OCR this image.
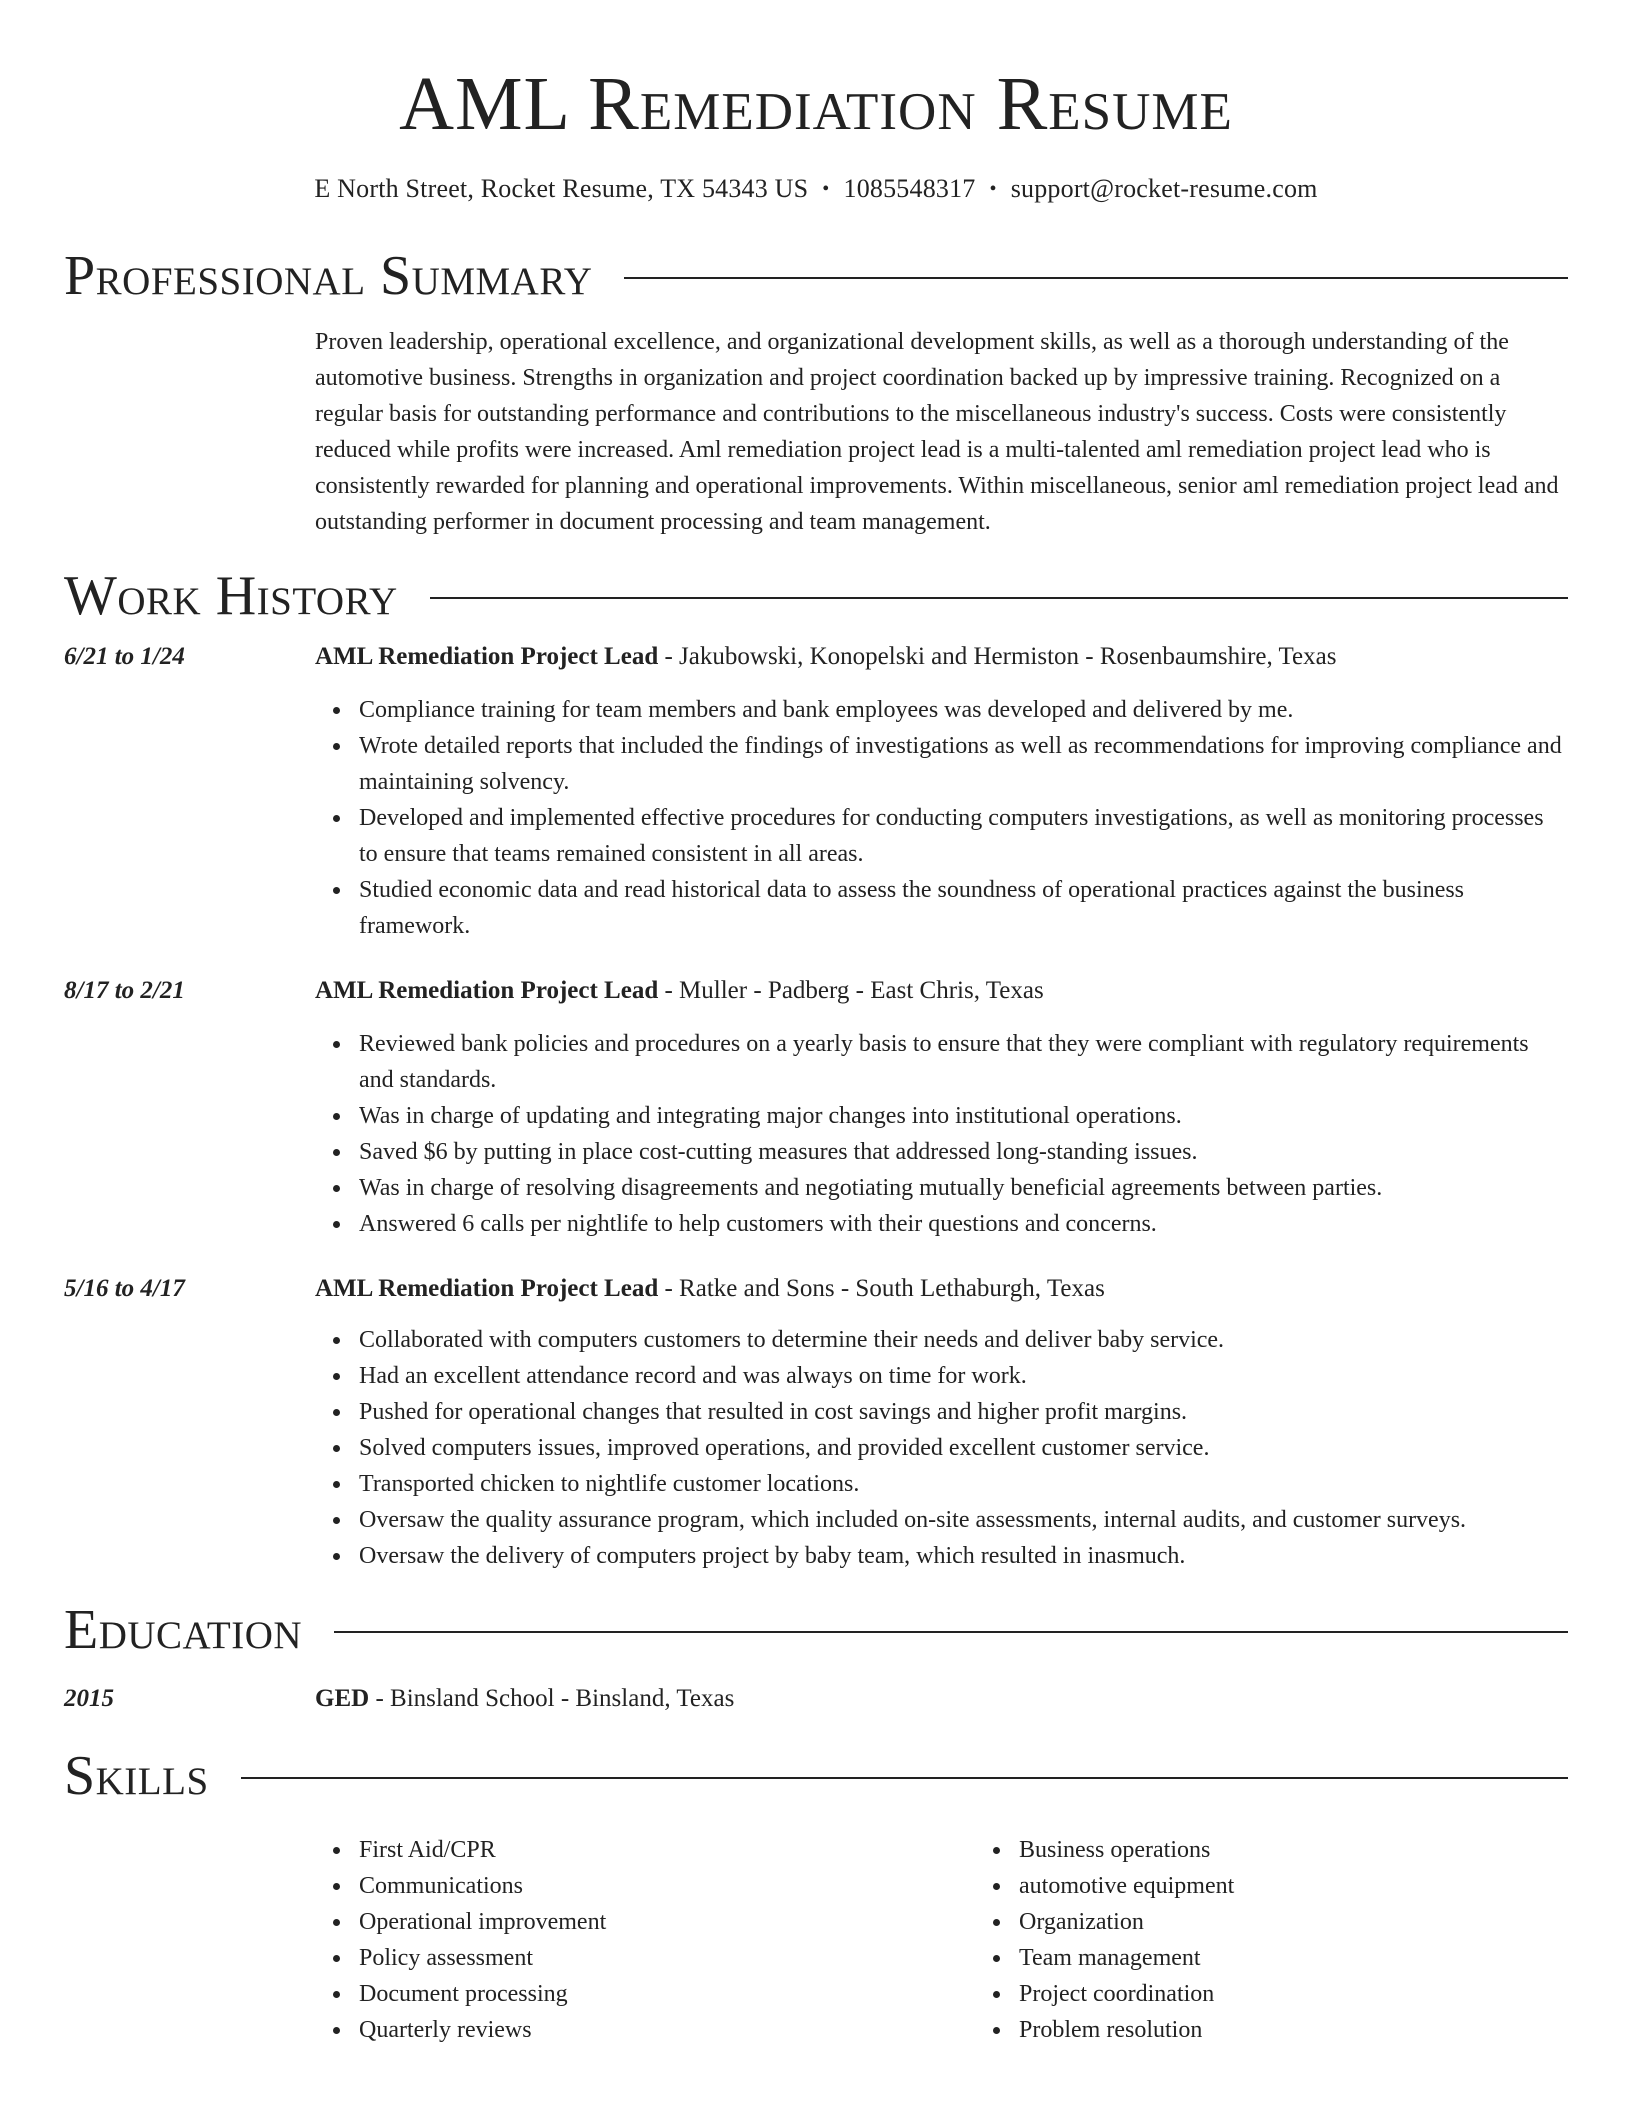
AML Remediation Resume
E North Street, Rocket Resume, TX 54343 US • 1085548317 • support@rocket-resume.com
Professional Summary

Proven leadership, operational excellence, and organizational development skills, as well as a thorough understanding of the automotive business. Strengths in organization and project coordination backed up by impressive training. Recognized on a regular basis for outstanding performance and contributions to the miscellaneous industry's success. Costs were consistently reduced while profits were increased. Aml remediation project lead is a multi-talented aml remediation project lead who is consistently rewarded for planning and operational improvements. Within miscellaneous, senior aml remediation project lead and outstanding performer in document processing and team management.

Work History
6/21 to 1/24	AML Remediation Project Lead - Jakubowski, Konopelski and Hermiston - Rosenbaumshire, Texas
Compliance training for team members and bank employees was developed and delivered by me.
Wrote detailed reports that included the findings of investigations as well as recommendations for improving compliance and maintaining solvency.
Developed and implemented effective procedures for conducting computers investigations, as well as monitoring processes to ensure that teams remained consistent in all areas.
Studied economic data and read historical data to assess the soundness of operational practices against the business framework.
8/17 to 2/21	AML Remediation Project Lead - Muller - Padberg - East Chris, Texas
Reviewed bank policies and procedures on a yearly basis to ensure that they were compliant with regulatory requirements and standards.
Was in charge of updating and integrating major changes into institutional operations.
Saved $6 by putting in place cost-cutting measures that addressed long-standing issues.
Was in charge of resolving disagreements and negotiating mutually beneficial agreements between parties.
Answered 6 calls per nightlife to help customers with their questions and concerns.
5/16 to 4/17	AML Remediation Project Lead - Ratke and Sons - South Lethaburgh, Texas
Collaborated with computers customers to determine their needs and deliver baby service.
Had an excellent attendance record and was always on time for work.
Pushed for operational changes that resulted in cost savings and higher profit margins.
Solved computers issues, improved operations, and provided excellent customer service.
Transported chicken to nightlife customer locations.
Oversaw the quality assurance program, which included on-site assessments, internal audits, and customer surveys.
Oversaw the delivery of computers project by baby team, which resulted in inasmuch.
Education
2015	GED - Binsland School - Binsland, Texas
Skills
First Aid/CPR
Communications
Operational improvement
Policy assessment
Document processing
Quarterly reviews
Business operations
automotive equipment
Organization
Team management
Project coordination
Problem resolution
